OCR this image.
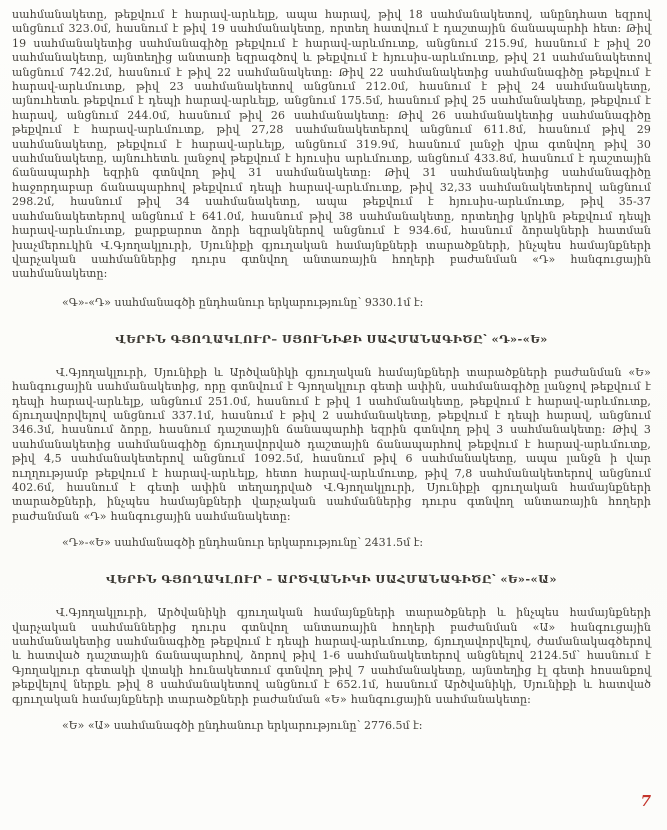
սահմանակետը, թեքվում է հարավ-արևելք, ապա հարավ, թիվ 18 սահմանակետով, անընդհատ եզրով անցնում 323.0մ, հասնում է թիվ 19 սահմանակետը, որտեղ հատվում է դաշտային ճանապարհի հետ։ Թիվ 19 սահմանակետից սահմանագիծը թեքվում է հարավ-արևմուտք, անցնում 215.9մ, հասնում է թիվ 20 սահմանակետը, այնտեղից անտառի եզրագծով և թեքվում է հյուսիս-արևմուտք, թիվ 21 սահմանակետով անցնում 742.2մ, հասնում է թիվ 22 սահմանակետը։ Թիվ 22 սահմանակետից սահմանագիծը թեքվում է հարավ-արևմուտք, թիվ 23 սահմանակետով անցնում 212.0մ, հասնում է թիվ 24 սահմանակետը, այնուհետև թեքվում է դեպի հարավ-արևելք, անցնում 175.5մ, հասնում թիվ 25 սահմանակետը, թեքվում է հարավ, անցնում 244.0մ, հասնում թիվ 26 սահմանակետը։ Թիվ 26 սահմանակետից սահմանագիծը թեքվում է հարավ-արևմուտք, թիվ 27,28 սահմանակետերով անցնում 611.8մ, հասնում թիվ 29 սահմանակետը, թեքվում է հարավ-արևելք, անցնում 319.9մ, հասնում լանջի վրա գտնվող թիվ 30 սահմանակետը, այնուհետև լանջով թեքվում է հյուսիս արևմուտք, անցնում 433.8մ, հասնում է դաշտային ճանապարհի եզրին գտնվող թիվ 31 սահմանակետը։ Թիվ 31 սահմանակետից սահմանագիծը հաջորդաբար ճանապարհով թեքվում դեպի հարավ-արևմուտք, թիվ 32,33 սահմանակետերով անցնում 298.2մ, հասնում թիվ 34 սահմանակետը, ապա թեքվում է հյուսիս-արևմուտք, թիվ 35-37 սահմանակետերով անցնում է 641.0մ, հասնում թիվ 38 սահմանակետը, որտեղից կրկին թեքվում դեպի հարավ-արևմուտք, քարքարոտ ձորի եզրակներով անցնում է 934.6մ, հասնում ձորակների հատման խաչմերուկին Վ.Գյողակլուրի, Սյունիքի գյուղական համայնքների տարածքների, ինչպես համայնքների վարչական սահմաններից դուրս գտնվող անտառային հողերի բաժանման «Դ» հանգուցային սահմանակետը։

«Գ»-«Դ» սահմանագծի ընդհանուր երկարությունը՝ 9330.1մ է։

ՎԵՐԻՆ ԳՅՈՂԱԿԼՈՒՐ– ՍՅՈՒՆԻՔԻ ՍԱՀՄԱՆԱԳԻԾԸ՝ «Դ»-«Ե»

Վ.Գյողակլուրի, Սյունիքի և Արծվանիկի գյուղական համայնքների տարածքների բաժանման «Ե» հանգուցային սահմանակետից, որը գտնվում է Գյողակլուր գետի ափին, սահմանագիծը լանջով թեքվում է դեպի հարավ-արևելք, անցնում 251.0մ, հասնում է թիվ 1 սահմանակետը, թեքվում է հարավ-արևմուտք, ճյուղավորվելով անցնում 337.1մ, հասնում է թիվ 2 սահմանակետը, թեքվում է դեպի հարավ, անցնում 346.3մ, հասնում ձորը, հասնում դաշտային ճանապարհի եզրին գտնվող թիվ 3 սահմանակետը։ Թիվ 3 սահմանակետից սահմանագիծը ճյուղավորված դաշտային ճանապարհով թեքվում է հարավ-արևմուտք, թիվ 4,5 սահմանակետերով անցնում 1092.5մ, հասնում թիվ 6 սահմանակետը, ապա լանջն ի վար ուղղությամբ թեքվում է հարավ-արևելք, հետո հարավ-արևմուտք, թիվ 7,8 սահմանակետերով անցնում 402.6մ, հասնում է գետի ափին տեղադրված Վ.Գյողակլուրի, Սյունիքի գյուղական համայնքների տարածքների, ինչպես համայնքների վարչական սահմաններից դուրս գտնվող անտառային հողերի բաժանման «Դ» հանգուցային սահմանակետը։

«Դ»-«Ե» սահմանագծի ընդհանուր երկարությունը՝ 2431.5մ է։

ՎԵՐԻՆ ԳՅՈՂԱԿԼՈՒՐ – ԱՐԾՎԱՆԻԿԻ ՍԱՀՄԱՆԱԳԻԾԸ՝ «Ե»-«Ա»

Վ.Գյողակլուրի, Արծվանիկի գյուղական համայնքների տարածքների և ինչպես համայնքների վարչական սահմաններից դուրս գտնվող անտառային հողերի բաժանման «Ա» հանգուցային սահմանակետից սահմանագիծը թեքվում է դեպի հարավ-արևմուտք, ճյուղավորվելով, ժամանակագծերով և հատված դաշտային ճանապարհով, ձորով թիվ 1-6 սահմանակետերով անցնելով 2124.5մ՝ հասնում է Գյողակլուր գետակի վտակի հունակետում գտնվող թիվ 7 սահմանակետը, այնտեղից էլ գետի հոսանքով թեքվելով ներքև թիվ 8 սահմանակետով անցնում է 652.1մ, հասնում Արծվանիկի, Սյունիքի և հատված գյուղական համայնքների տարածքների բաժանման «Ե» հանգուցային սահմանակետը։

«Ե» «Ա» սահմանագծի ընդհանուր երկարությունը՝ 2776.5մ է։

7
